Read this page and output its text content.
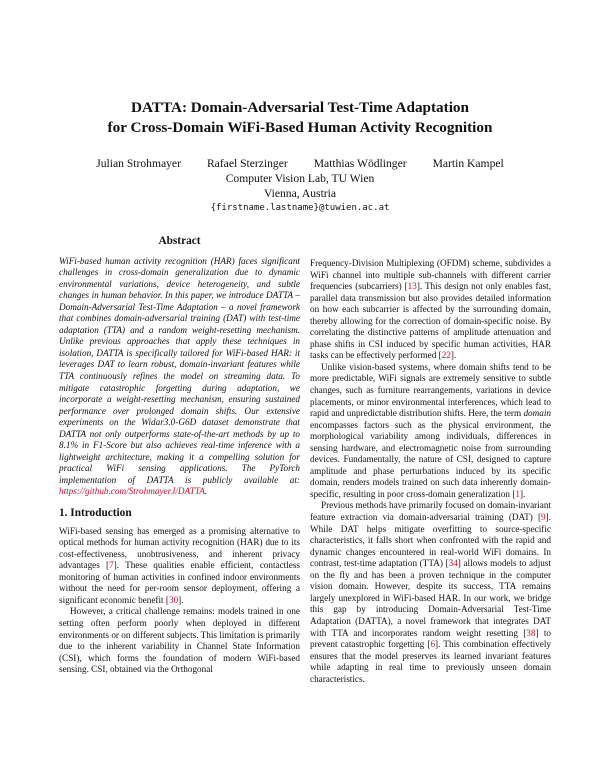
DATTA: Domain-Adversarial Test-Time Adaptation
for Cross-Domain WiFi-Based Human Activity Recognition
Julian Strohmayer Rafael Sterzinger Matthias Wödlinger Martin Kampel
Computer Vision Lab, TU Wien
Vienna, Austria
{firstname.lastname}@tuwien.ac.at
Abstract

WiFi-based human activity recognition (HAR) faces significant challenges in cross-domain generalization due to dynamic environmental variations, device heterogeneity, and subtle changes in human behavior. In this paper, we introduce DATTA – Domain-Adversarial Test-Time Adaptation – a novel framework that combines domain-adversarial training (DAT) with test-time adaptation (TTA) and a random weight-resetting mechanism. Unlike previous approaches that apply these techniques in isolation, DATTA is specifically tailored for WiFi-based HAR: it leverages DAT to learn robust, domain-invariant features while TTA continuously refines the model on streaming data. To mitigate catastrophic forgetting during adaptation, we incorporate a weight-resetting mechanism, ensuring sustained performance over prolonged domain shifts. Our extensive experiments on the Widar3.0-G6D dataset demonstrate that DATTA not only outperforms state-of-the-art methods by up to 8.1% in F1-Score but also achieves real-time inference with a lightweight architecture, making it a compelling solution for practical WiFi sensing applications. The PyTorch implementation of DATTA is publicly available at: https://github.com/StrohmayerJ/DATTA.

1. Introduction

WiFi-based sensing has emerged as a promising alternative to optical methods for human activity recognition (HAR) due to its cost-effectiveness, unobtrusiveness, and inherent privacy advantages [7]. These qualities enable efficient, contactless monitoring of human activities in confined indoor environments without the need for per-room sensor deployment, offering a significant economic benefit [30].

However, a critical challenge remains: models trained in one setting often perform poorly when deployed in different environments or on different subjects. This limitation is primarily due to the inherent variability in Channel State Information (CSI), which forms the foundation of modern WiFi-based sensing. CSI, obtained via the Orthogonal

Frequency-Division Multiplexing (OFDM) scheme, subdivides a WiFi channel into multiple sub-channels with different carrier frequencies (subcarriers) [13]. This design not only enables fast, parallel data transmission but also provides detailed information on how each subcarrier is affected by the surrounding domain, thereby allowing for the correction of domain-specific noise. By correlating the distinctive patterns of amplitude attenuation and phase shifts in CSI induced by specific human activities, HAR tasks can be effectively performed [22].

Unlike vision-based systems, where domain shifts tend to be more predictable, WiFi signals are extremely sensitive to subtle changes, such as furniture rearrangements, variations in device placements, or minor environmental interferences, which lead to rapid and unpredictable distribution shifts. Here, the term domain encompasses factors such as the physical environment, the morphological variability among individuals, differences in sensing hardware, and electromagnetic noise from surrounding devices. Fundamentally, the nature of CSI, designed to capture amplitude and phase perturbations induced by its specific domain, renders models trained on such data inherently domain-specific, resulting in poor cross-domain generalization [1].

Previous methods have primarily focused on domain-invariant feature extraction via domain-adversarial training (DAT) [9]. While DAT helps mitigate overfitting to source-specific characteristics, it falls short when confronted with the rapid and dynamic changes encountered in real-world WiFi domains. In contrast, test-time adaptation (TTA) [34] allows models to adjust on the fly and has been a proven technique in the computer vision domain. However, despite its success, TTA remains largely unexplored in WiFi-based HAR. In our work, we bridge this gap by introducing Domain-Adversarial Test-Time Adaptation (DATTA), a novel framework that integrates DAT with TTA and incorporates random weight resetting [38] to prevent catastrophic forgetting [6]. This combination effectively ensures that the model preserves its learned invariant features while adapting in real time to previously unseen domain characteristics.
